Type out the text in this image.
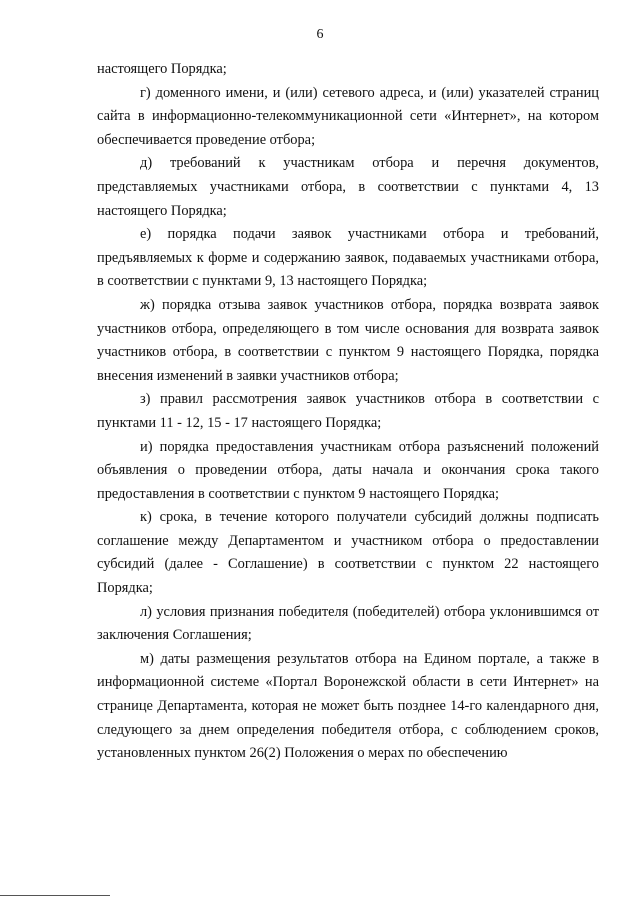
6

настоящего Порядка;

г) доменного имени, и (или) сетевого адреса, и (или) указателей страниц сайта в информационно-телекоммуникационной сети «Интернет», на котором обеспечивается проведение отбора;

д) требований к участникам отбора и перечня документов, представляемых участниками отбора, в соответствии с пунктами 4, 13 настоящего Порядка;

е) порядка подачи заявок участниками отбора и требований, предъявляемых к форме и содержанию заявок, подаваемых участниками отбора, в соответствии с пунктами 9, 13 настоящего Порядка;

ж) порядка отзыва заявок участников отбора, порядка возврата заявок участников отбора, определяющего в том числе основания для возврата заявок участников отбора, в соответствии с пунктом 9 настоящего Порядка, порядка внесения изменений в заявки участников отбора;

з) правил рассмотрения заявок участников отбора в соответствии с пунктами 11 - 12, 15 - 17 настоящего Порядка;

и) порядка предоставления участникам отбора разъяснений положений объявления о проведении отбора, даты начала и окончания срока такого предоставления в соответствии с пунктом 9 настоящего Порядка;

к) срока, в течение которого получатели субсидий должны подписать соглашение между Департаментом и участником отбора о предоставлении субсидий (далее - Соглашение) в соответствии с пунктом 22 настоящего Порядка;

л) условия признания победителя (победителей) отбора уклонившимся от заключения Соглашения;

м) даты размещения результатов отбора на Едином портале, а также в информационной системе «Портал Воронежской области в сети Интернет» на странице Департамента, которая не может быть позднее 14-го календарного дня, следующего за днем определения победителя отбора, с соблюдением сроков, установленных пунктом 26(2) Положения о мерах по обеспечению
